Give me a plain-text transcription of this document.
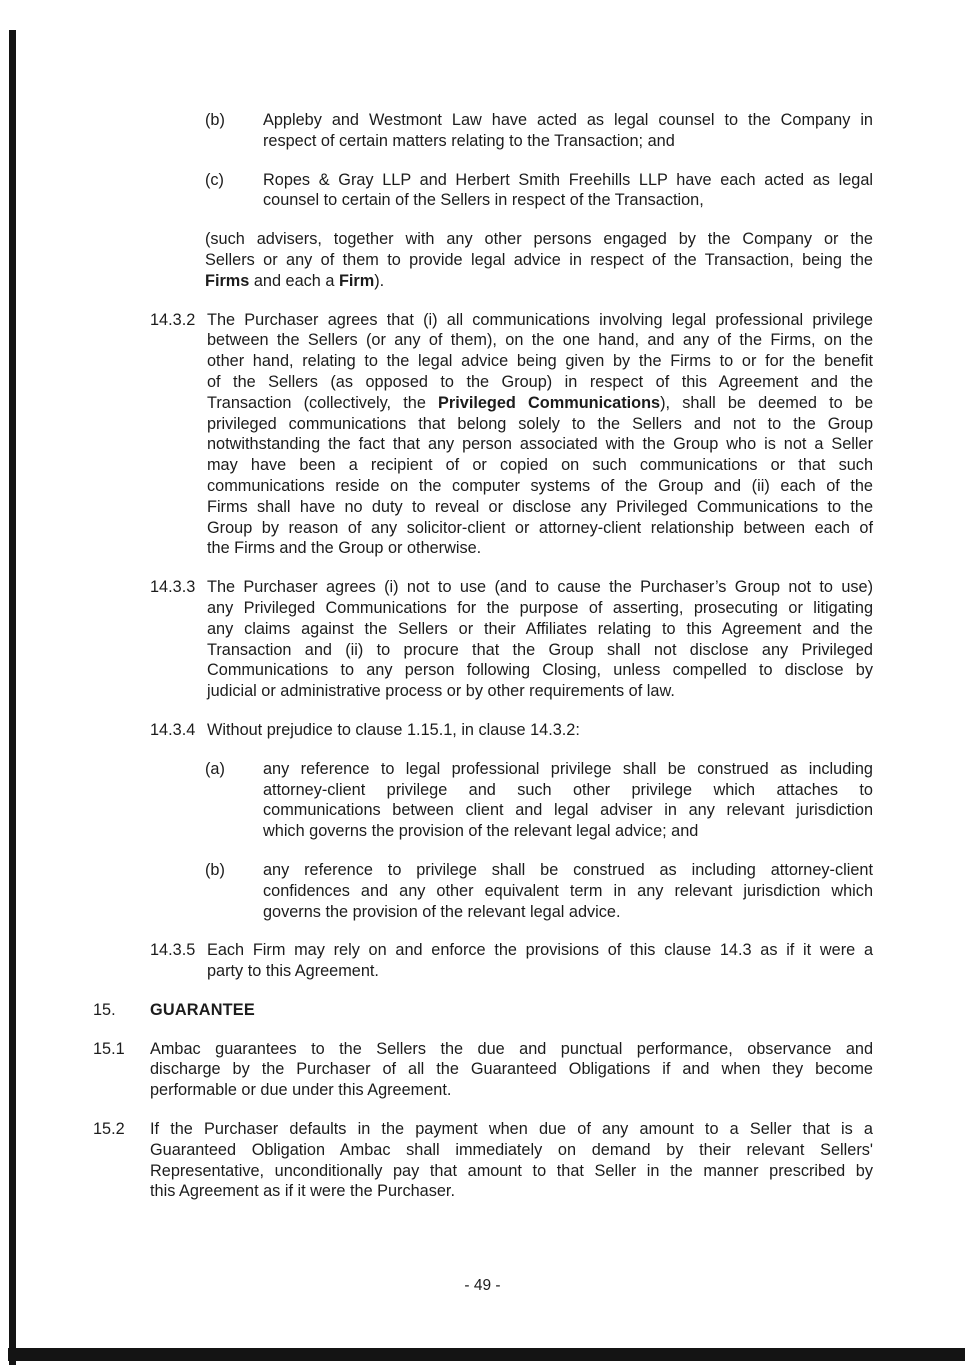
(b) Appleby and Westmont Law have acted as legal counsel to the Company in
respect of certain matters relating to the Transaction; and
(c) Ropes & Gray LLP and Herbert Smith Freehills LLP have each acted as legal
counsel to certain of the Sellers in respect of the Transaction,
(such advisers, together with any other persons engaged by the Company or the
Sellers or any of them to provide legal advice in respect of the Transaction, being the
Firms and each a Firm).
14.3.2 The Purchaser agrees that (i) all communications involving legal professional privilege
between the Sellers (or any of them), on the one hand, and any of the Firms, on the
other hand, relating to the legal advice being given by the Firms to or for the benefit
of the Sellers (as opposed to the Group) in respect of this Agreement and the
Transaction (collectively, the Privileged Communications), shall be deemed to be
privileged communications that belong solely to the Sellers and not to the Group
notwithstanding the fact that any person associated with the Group who is not a Seller
may have been a recipient of or copied on such communications or that such
communications reside on the computer systems of the Group and (ii) each of the
Firms shall have no duty to reveal or disclose any Privileged Communications to the
Group by reason of any solicitor-client or attorney-client relationship between each of
the Firms and the Group or otherwise.
14.3.3 The Purchaser agrees (i) not to use (and to cause the Purchaser’s Group not to use)
any Privileged Communications for the purpose of asserting, prosecuting or litigating
any claims against the Sellers or their Affiliates relating to this Agreement and the
Transaction and (ii) to procure that the Group shall not disclose any Privileged
Communications to any person following Closing, unless compelled to disclose by
judicial or administrative process or by other requirements of law.
14.3.4 Without prejudice to clause 1.15.1, in clause 14.3.2:
(a) any reference to legal professional privilege shall be construed as including
attorney-client privilege and such other privilege which attaches to
communications between client and legal adviser in any relevant jurisdiction
which governs the provision of the relevant legal advice; and
(b) any reference to privilege shall be construed as including attorney-client
confidences and any other equivalent term in any relevant jurisdiction which
governs the provision of the relevant legal advice.
14.3.5 Each Firm may rely on and enforce the provisions of this clause 14.3 as if it were a
party to this Agreement.
15. GUARANTEE
15.1 Ambac guarantees to the Sellers the due and punctual performance, observance and
discharge by the Purchaser of all the Guaranteed Obligations if and when they become
performable or due under this Agreement.
15.2 If the Purchaser defaults in the payment when due of any amount to a Seller that is a
Guaranteed Obligation Ambac shall immediately on demand by their relevant Sellers'
Representative, unconditionally pay that amount to that Seller in the manner prescribed by
this Agreement as if it were the Purchaser.
- 49 -
